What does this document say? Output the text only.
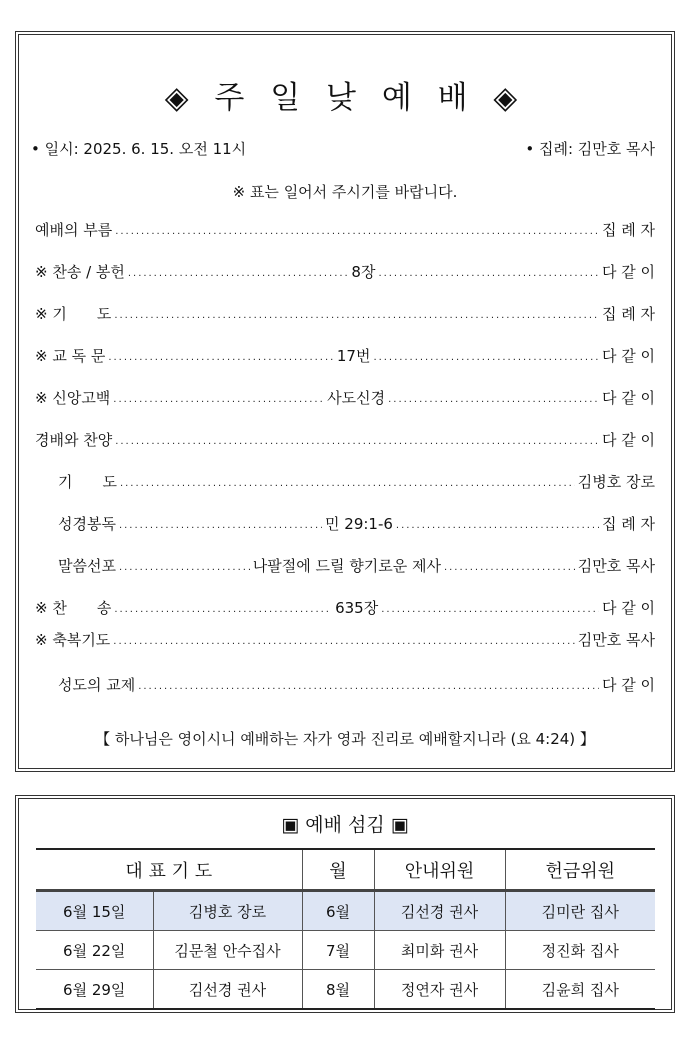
◈ 주 일 낮 예 배 ◈
• 일시: 2025. 6. 15. 오전 11시	• 집례: 김만호 목사
※ 표는 일어서 주시기를 바랍니다.
예배의 부름 . . .	집 례 자
※ 찬송 / 봉헌 . . .	8장 . . .	다 같 이
※ 기　　도 . . .	집 례 자
※ 교 독 문 . . .	17번 . . .	다 같 이
※ 신앙고백 . . .	사도신경 . . .	다 같 이
경배와 찬양 . . .	다 같 이
기　　도 . . .	김병호 장로
성경봉독 . . .	민 29:1-6 . . .	집 례 자
말씀선포 . . .	나팔절에 드릴 향기로운 제사 . . .	김만호 목사
※ 찬　　송 . . .	635장 . . .	다 같 이
※ 축복기도 . . .	김만호 목사
성도의 교제 . . .	다 같 이
【 하나님은 영이시니 예배하는 자가 영과 진리로 예배할지니라 (요 4:24) 】
▣ 예배 섬김 ▣
대 표 기 도		월	안내위원	헌금위원
6월 15일	김병호 장로	6월	김선경 권사	김미란 집사
6월 22일	김문철 안수집사	7월	최미화 권사	정진화 집사
6월 29일	김선경 권사	8월	정연자 권사	김윤희 집사
